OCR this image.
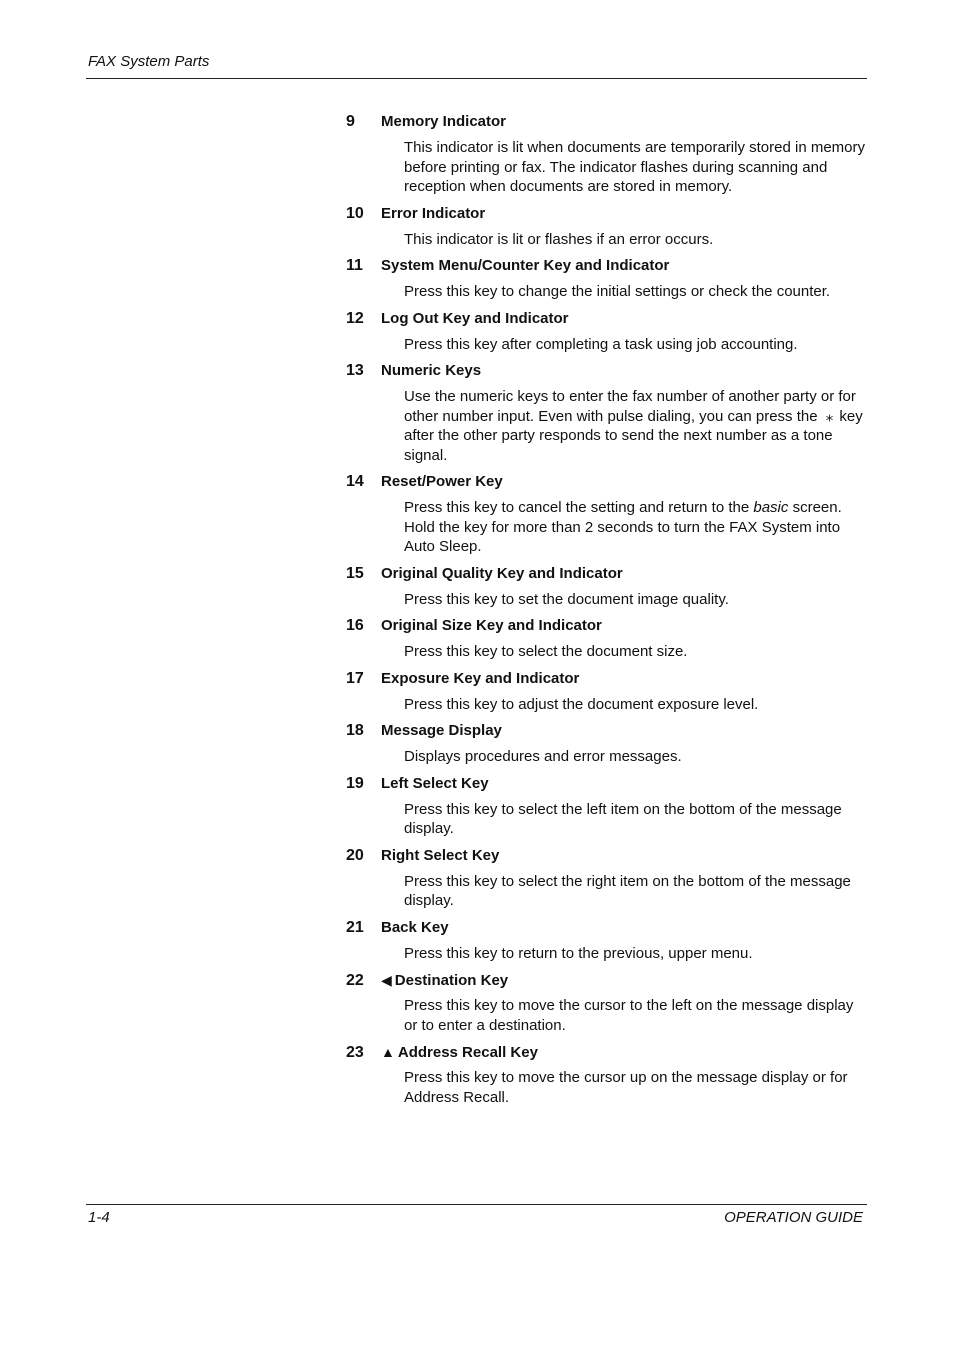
FAX System Parts
9	Memory Indicator
This indicator is lit when documents are temporarily stored in memory before printing or fax. The indicator flashes during scanning and reception when documents are stored in memory.
10	Error Indicator
This indicator is lit or flashes if an error occurs.
11	System Menu/Counter Key and Indicator
Press this key to change the initial settings or check the counter.
12	Log Out Key and Indicator
Press this key after completing a task using job accounting.
13	Numeric Keys
Use the numeric keys to enter the fax number of another party or for other number input. Even with pulse dialing, you can press the ⁎ key after the other party responds to send the next number as a tone signal.
14	Reset/Power Key
Press this key to cancel the setting and return to the basic screen. Hold the key for more than 2 seconds to turn the FAX System into Auto Sleep.
15	Original Quality Key and Indicator
Press this key to set the document image quality.
16	Original Size Key and Indicator
Press this key to select the document size.
17	Exposure Key and Indicator
Press this key to adjust the document exposure level.
18	Message Display
Displays procedures and error messages.
19	Left Select Key
Press this key to select the left item on the bottom of the message display.
20	Right Select Key
Press this key to select the right item on the bottom of the message display.
21	Back Key
Press this key to return to the previous, upper menu.
22	◀ Destination Key
Press this key to move the cursor to the left on the message display or to enter a destination.
23	▲ Address Recall Key
Press this key to move the cursor up on the message display or for Address Recall.
1-4	OPERATION GUIDE
